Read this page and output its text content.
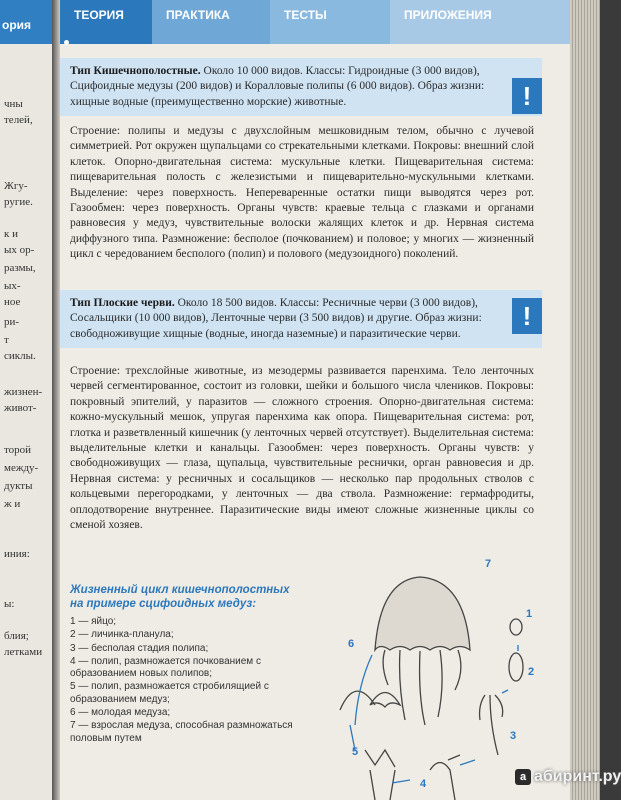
ория
чны
телей,
Жгу-
ругие.
к и
ых ор-
размы,
ых-
ное
ри-
т
сиклы.
жизнен-
живот-
торой
между-
дукты
ж и
иния:
ы:
блия;
летками
ТЕОРИЯ	ПРАКТИКА	ТЕСТЫ	ПРИЛОЖЕНИЯ
Тип Кишечнополостные. Около 10 000 видов. Классы: Гидроидные (3 000 видов), Сцифоидные медузы (200 видов) и Коралловые полипы (6 000 видов). Образ жизни: хищные водные (преимущественно морские) животные.	!
Строение: полипы и медузы с двухслойным мешковидным телом, обычно с лучевой симметрией. Рот окружен щупальцами со стрекательными клетками. Покровы: внешний слой клеток. Опорно-двигательная система: мускульные клетки. Пищеварительная система: пищеварительная полость с железистыми и пищеварительно-мускульными клетками. Выделение: через поверхность. Непереваренные остатки пищи выводятся через рот. Газообмен: через поверхность. Органы чувств: краевые тельца с глазками и органами равновесия у медуз, чувствительные волоски жалящих клеток и др. Нервная система диффузного типа. Размножение: бесполое (почкованием) и половое; у многих — жизненный цикл с чередованием бесполого (полип) и полового (медузоидного) поколений.
Тип Плоские черви. Около 18 500 видов. Классы: Ресничные черви (3 000 видов), Сосальщики (10 000 видов), Ленточные черви (3 500 видов) и другие. Образ жизни: свободноживущие хищные (водные, иногда наземные) и паразитические черви.
!
Строение: трехслойные животные, из мезодермы развивается паренхима. Тело ленточных червей сегментированное, состоит из головки, шейки и большого числа члеников. Покровы: покровный эпителий, у паразитов — сложного строения. Опорно-двигательная система: кожно-мускульный мешок, упругая паренхима как опора. Пищеварительная система: рот, глотка и разветвленный кишечник (у ленточных червей отсутствует). Выделительная система: выделительные клетки и канальцы. Газообмен: через поверхность. Органы чувств: у свободноживущих — глаза, щупальца, чувствительные реснички, орган равновесия и др. Нервная система: у ресничных и сосальщиков — несколько пар продольных стволов с кольцевыми перегородками, у ленточных — два ствола. Размножение: гермафродиты, оплодотворение внутреннее. Паразитические виды имеют сложные жизненные циклы со сменой хозяев.
Жизненный цикл кишечнополостных на примере сцифоидных медуз:
1 — яйцо;
2 — личинка-планула;
3 — бесполая стадия полипа;
4 — полип, размножается почкованием с образованием новых полипов;
5 — полип, размножается стробилящией с образованием медуз;
6 — молодая медуза;
7 — взрослая медуза, способная размножаться половым путем
7
1
2
3
4
5
6
а абиринт.ру
